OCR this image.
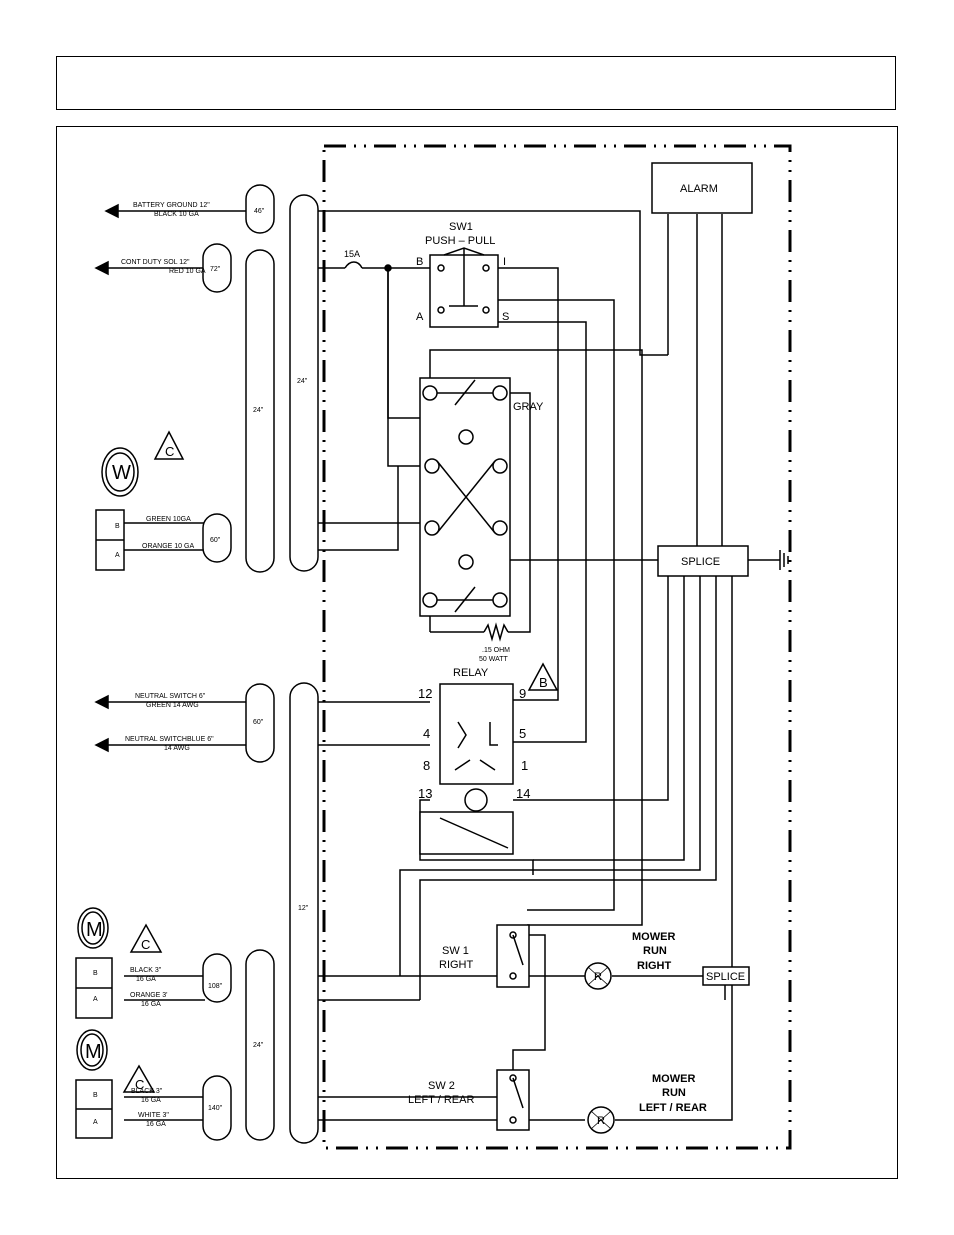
BATTERY GROUND 12"
BLACK 10 GA	46"
CONT DUTY SOL 12"
RED 10 GA 72"
24"
24"
GREEN 10GA
ORANGE 10 GA
60"
B
A
W
NEUTRAL SWITCH 6"
GREEN 14 AWG
NEUTRAL SWITCHBLUE 6"
14 AWG
60"
12"
M
B
A
BLACK 3"
16 GA
ORANGE 3'
16 GA
108"
24"
M
B
A
BLACK 3"
16 GA
WHITE 3"
16 GA
140"
C
C
C
B
ALARM
SW1
PUSH – PULL
15A
B	I
A	S
GRAY
.15 OHM
50 WATT
RELAY
12	9
4	5
8	1
13	14
SPLICE
SPLICE
SW 1
RIGHT
SW 2
LEFT / REAR
R
R
MOWER
RUN
RIGHT
MOWER
RUN
LEFT / REAR
